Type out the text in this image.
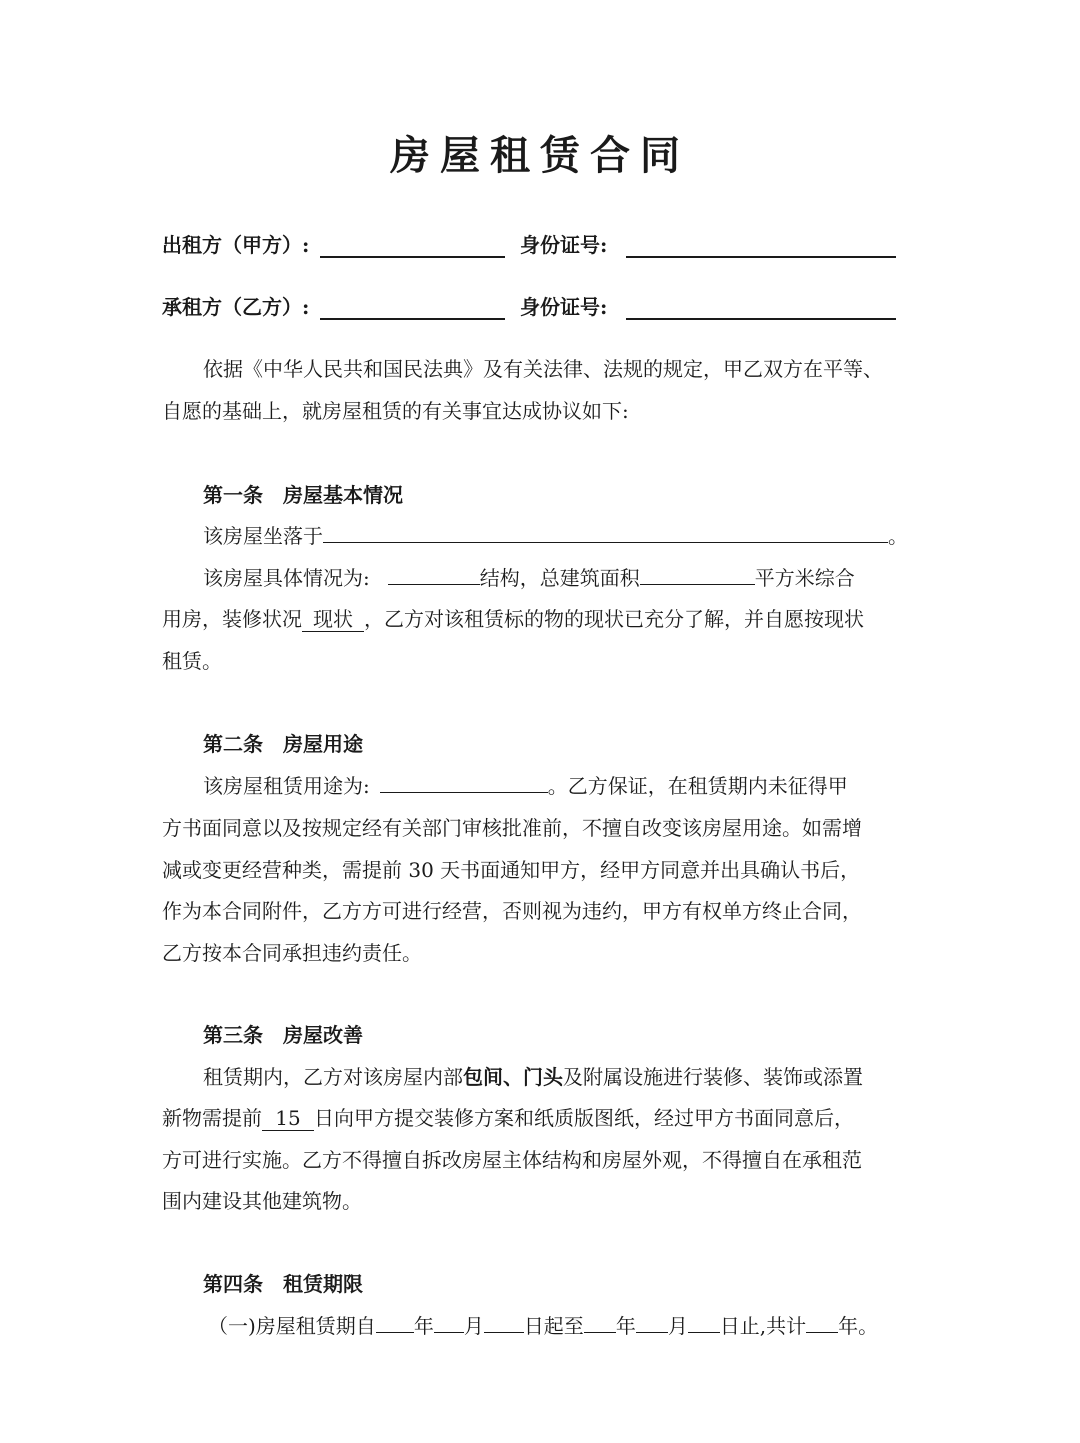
房屋租赁合同
出租方（甲方）:	身份证号:
承租方（乙方）:	身份证号:
依据《中华人民共和国民法典》及有关法律、法规的规定，甲乙双方在平等、
自愿的基础上，就房屋租赁的有关事宜达成协议如下:
第一条　房屋基本情况
该房屋坐落于	。
该房屋具体情况为:	结构，总建筑面积	平方米综合
用房，装修状况 现状 ，乙方对该租赁标的物的现状已充分了解，并自愿按现状
租赁。
第二条　房屋用途
该房屋租赁用途为:	。乙方保证，在租赁期内未征得甲
方书面同意以及按规定经有关部门审核批准前，不擅自改变该房屋用途。如需增
减或变更经营种类，需提前 30 天书面通知甲方，经甲方同意并出具确认书后，
作为本合同附件，乙方方可进行经营，否则视为违约，甲方有权单方终止合同，
乙方按本合同承担违约责任。
第三条　房屋改善
租赁期内，乙方对该房屋内部包间、门头及附属设施进行装修、装饰或添置
新物需提前 15 日向甲方提交装修方案和纸质版图纸，经过甲方书面同意后，
方可进行实施。乙方不得擅自拆改房屋主体结构和房屋外观，不得擅自在承租范
围内建设其他建筑物。
第四条　租赁期限
（一)房屋租赁期自 年 月 日起至 年 月 日止,共计 年。
